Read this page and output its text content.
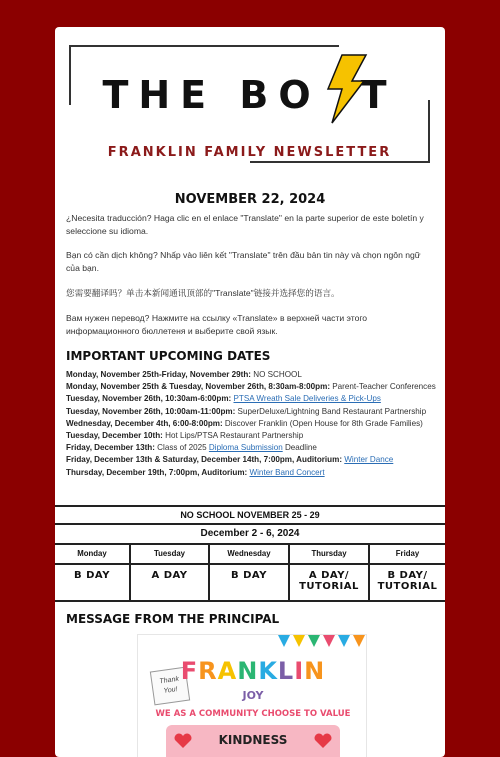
THE BO T
FRANKLIN FAMILY NEWSLETTER
NOVEMBER 22, 2024

¿Necesita traducción? Haga clic en el enlace "Translate" en la parte superior de este boletín y seleccione su idioma.

Bạn có cần dịch không? Nhấp vào liên kết "Translate" trên đầu bản tin này và chọn ngôn ngữ của bạn.

您需要翻译吗？单击本新闻通讯顶部的"Translate"链接并选择您的语言。

Вам нужен перевод? Нажмите на ссылку «Translate» в верхней части этого информационного бюллетеня и выберите свой язык.

IMPORTANT UPCOMING DATES
Monday, November 25th-Friday, November 29th: NO SCHOOL
Monday, November 25th & Tuesday, November 26th, 8:30am-8:00pm: Parent-Teacher Conferences
Tuesday, November 26th, 10:30am-6:00pm: PTSA Wreath Sale Deliveries & Pick-Ups
Tuesday, November 26th, 10:00am-11:00pm: SuperDeluxe/Lightning Band Restaurant Partnership
Wednesday, December 4th, 6:00-8:00pm: Discover Franklin (Open House for 8th Grade Families)
Tuesday, December 10th: Hot Lips/PTSA Restaurant Partnership
Friday, December 13th: Class of 2025 Diploma Submission Deadline
Friday, December 13th & Saturday, December 14th, 7:00pm, Auditorium: Winter Dance
Thursday, December 19th, 7:00pm, Auditorium: Winter Band Concert
NO SCHOOL NOVEMBER 25 - 29
December 2 - 6, 2024
Monday
B DAY
Tuesday
A DAY
Wednesday
B DAY
Thursday
A DAY/ TUTORIAL
Friday
B DAY/ TUTORIAL
MESSAGE FROM THE PRINCIPAL
Thank You!
FRANKLIN
JOY
WE AS A COMMUNITY CHOOSE TO VALUE
KINDNESS
